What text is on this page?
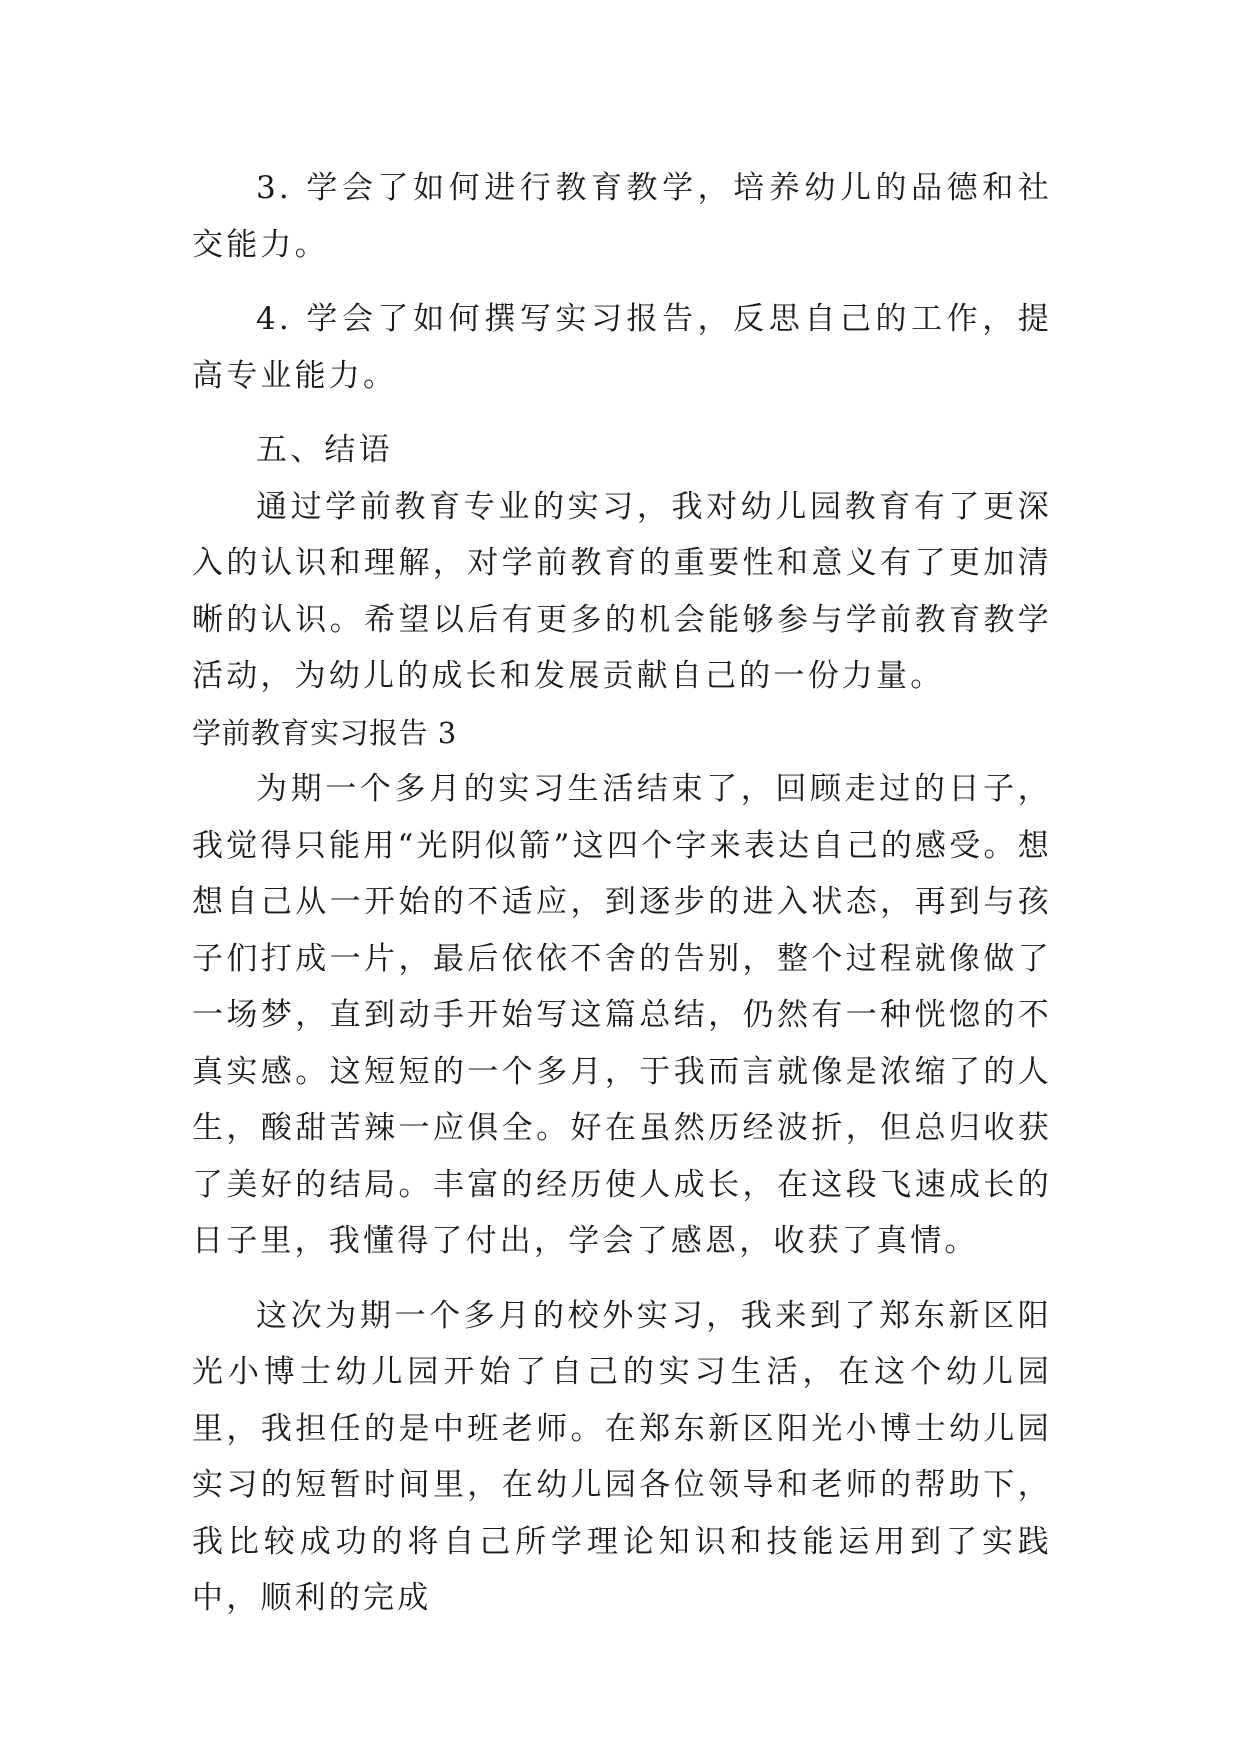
3. 学会了如何进行教育教学，培养幼儿的品德和社交能力。

4. 学会了如何撰写实习报告，反思自己的工作，提高专业能力。

五、结语

通过学前教育专业的实习，我对幼儿园教育有了更深入的认识和理解，对学前教育的重要性和意义有了更加清晰的认识。希望以后有更多的机会能够参与学前教育教学活动，为幼儿的成长和发展贡献自己的一份力量。

学前教育实习报告 3

为期一个多月的实习生活结束了，回顾走过的日子，我觉得只能用“光阴似箭”这四个字来表达自己的感受。想想自己从一开始的不适应，到逐步的进入状态，再到与孩子们打成一片，最后依依不舍的告别，整个过程就像做了一场梦，直到动手开始写这篇总结，仍然有一种恍惚的不真实感。这短短的一个多月，于我而言就像是浓缩了的人生，酸甜苦辣一应俱全。好在虽然历经波折，但总归收获了美好的结局。丰富的经历使人成长，在这段飞速成长的日子里，我懂得了付出，学会了感恩，收获了真情。

这次为期一个多月的校外实习，我来到了郑东新区阳光小博士幼儿园开始了自己的实习生活，在这个幼儿园里，我担任的是中班老师。在郑东新区阳光小博士幼儿园实习的短暂时间里，在幼儿园各位领导和老师的帮助下，我比较成功的将自己所学理论知识和技能运用到了实践中，顺利的完成
